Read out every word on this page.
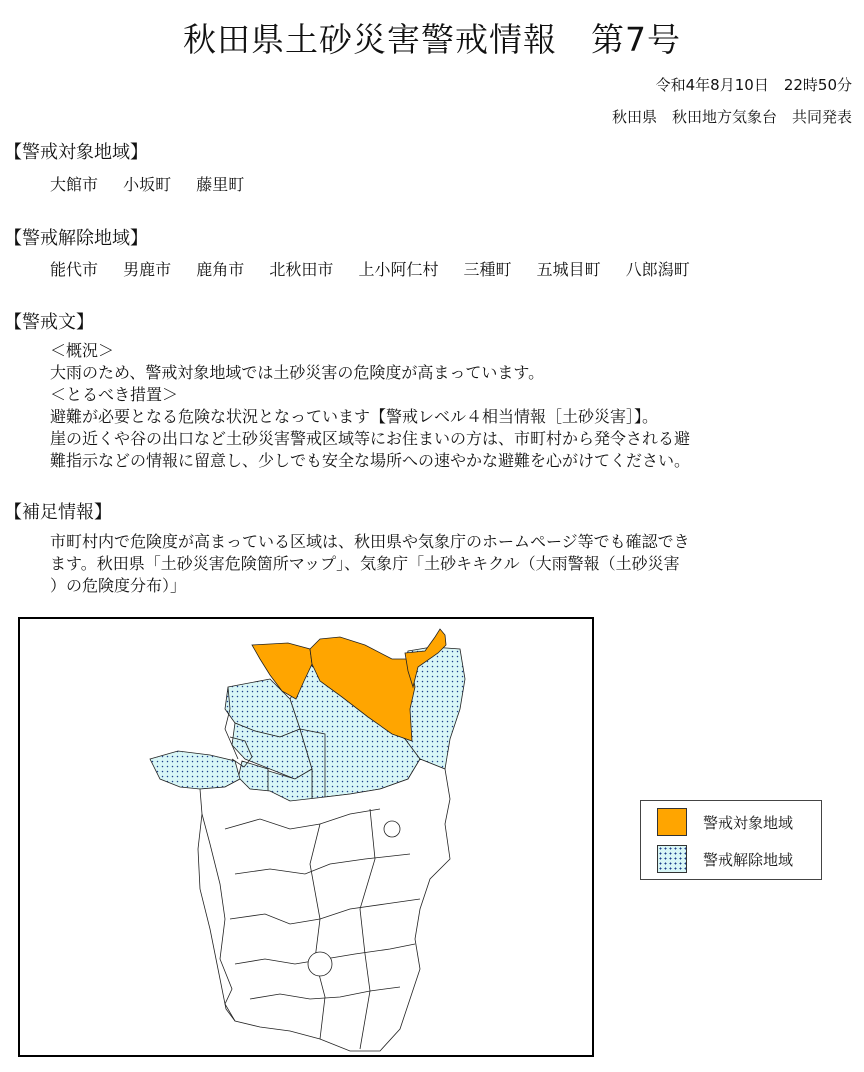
秋田県土砂災害警戒情報　第7号
令和4年8月10日　22時50分
秋田県　秋田地方気象台　共同発表
【警戒対象地域】
大館市 小坂町 藤里町
【警戒解除地域】
能代市 男鹿市 鹿角市 北秋田市 上小阿仁村 三種町 五城目町 八郎潟町
【警戒文】
＜概況＞
大雨のため、警戒対象地域では土砂災害の危険度が高まっています。
＜とるべき措置＞
避難が必要となる危険な状況となっています【警戒レベル４相当情報［土砂災害］】。
崖の近くや谷の出口など土砂災害警戒区域等にお住まいの方は、市町村から発令される避
難指示などの情報に留意し、少しでも安全な場所への速やかな避難を心がけてください。
【補足情報】
市町村内で危険度が高まっている区域は、秋田県や気象庁のホームページ等でも確認でき
ます。秋田県「土砂災害危険箇所マップ」、気象庁「土砂キキクル（大雨警報（土砂災害
）の危険度分布）」
警戒対象地域
警戒解除地域
